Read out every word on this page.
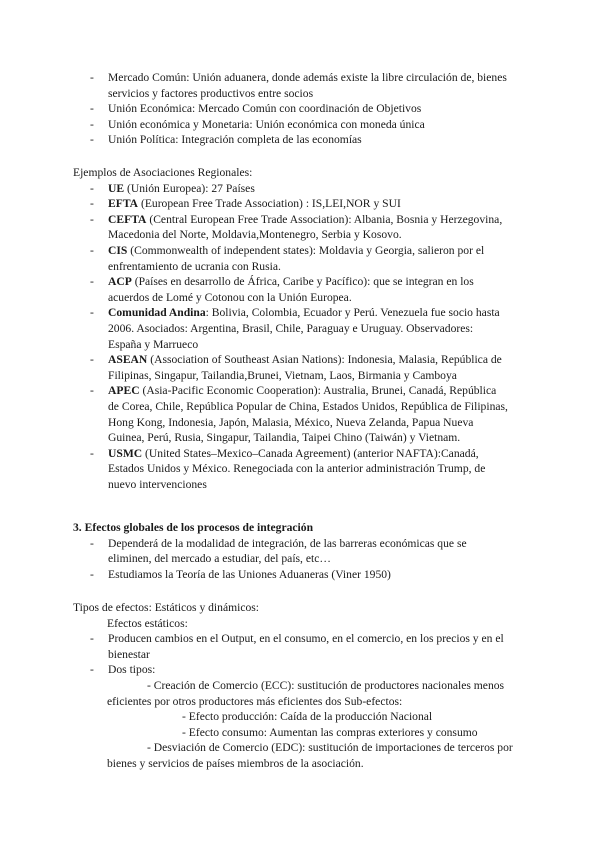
- Mercado Común: Unión aduanera, donde además existe la libre circulación de, bienes
servicios y factores productivos entre socios
- Unión Económica: Mercado Común con coordinación de Objetivos
- Unión económica y Monetaria: Unión económica con moneda única
- Unión Política: Integración completa de las economías
Ejemplos de Asociaciones Regionales:
- UE (Unión Europea): 27 Países
- EFTA (European Free Trade Association) : IS,LEI,NOR y SUI
- CEFTA (Central European Free Trade Association): Albania, Bosnia y Herzegovina,
Macedonia del Norte, Moldavia,Montenegro, Serbia y Kosovo.
- CIS (Commonwealth of independent states): Moldavia y Georgia, salieron por el
enfrentamiento de ucrania con Rusia.
- ACP (Países en desarrollo de África, Caribe y Pacífico): que se integran en los
acuerdos de Lomé y Cotonou con la Unión Europea.
- Comunidad Andina: Bolivia, Colombia, Ecuador y Perú. Venezuela fue socio hasta
2006. Asociados: Argentina, Brasil, Chile, Paraguay e Uruguay. Observadores:
España y Marrueco
- ASEAN (Association of Southeast Asian Nations): Indonesia, Malasia, República de
Filipinas, Singapur, Tailandia,Brunei, Vietnam, Laos, Birmania y Camboya
- APEC (Asia-Pacific Economic Cooperation): Australia, Brunei, Canadá, República
de Corea, Chile, República Popular de China, Estados Unidos, República de Filipinas,
Hong Kong, Indonesia, Japón, Malasia, México, Nueva Zelanda, Papua Nueva
Guinea, Perú, Rusia, Singapur, Tailandia, Taipei Chino (Taiwán) y Vietnam.
- USMC (United States–Mexico–Canada Agreement) (anterior NAFTA):Canadá,
Estados Unidos y México. Renegociada con la anterior administración Trump, de
nuevo intervenciones
3. Efectos globales de los procesos de integración
- Dependerá de la modalidad de integración, de las barreras económicas que se
eliminen, del mercado a estudiar, del país, etc…
- Estudiamos la Teoría de las Uniones Aduaneras (Viner 1950)
Tipos de efectos: Estáticos y dinámicos:
Efectos estáticos:
- Producen cambios en el Output, en el consumo, en el comercio, en los precios y en el
bienestar
- Dos tipos:
- Creación de Comercio (ECC): sustitución de productores nacionales menos
eficientes por otros productores más eficientes dos Sub-efectos:
- Efecto producción: Caída de la producción Nacional
- Efecto consumo: Aumentan las compras exteriores y consumo
- Desviación de Comercio (EDC): sustitución de importaciones de terceros por
bienes y servicios de países miembros de la asociación.
